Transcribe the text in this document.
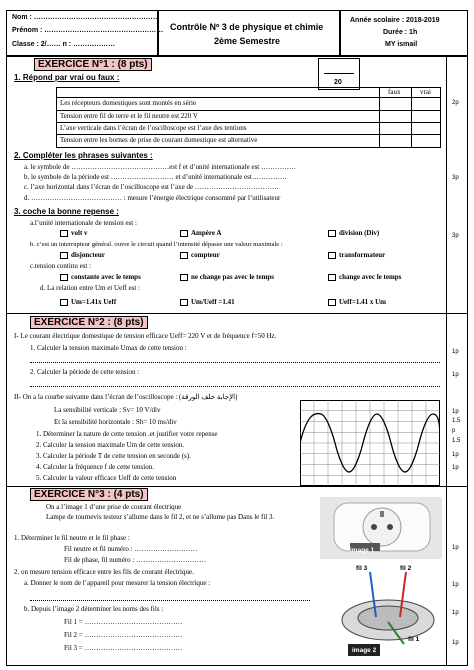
Nom : ………………………………………………
Prénom : ……………………………………………
Classe : 2/…… n : ………………
Contrôle Nº 3 de physique et chimie
2ème Semestre
Année scolaire : 2018-2019
Durée : 1h
MY ismail
20
EXERCICE N°1 : (8 pts)
1. Répond par vrai ou faux :
faux	vrai
Les récepteurs domestiques sont montés en série
Tension entre fil de terre et le fil neutre est 220 V
L’axe verticale dans l’écran de l’oscilloscope est l’axe des tentions
Tension entre les bornes de prise de courant domestique est alternative
2. Compléter les phrases suivantes :
a. le symbole de ……………………………………est f et d’unité internationale est ……………
b. le symbole de la période est ……………………… et d’unité internationale est……………
c. l’axe horizontal dans l’écran de l’oscilloscope est l’axe de ………………………………
d. ………………………………… : mesure l’énergie électrique consommé par l’utilisateur
3. coche la bonne repense :
a.l’unité internationale de tension est :
volt v	Ampère A	division (Div)
b. c’est un interrupteur général. ouvre le circuit quand l’intensité dépasse une valeur maximale :
disjoncteur	compteur	transformateur
c.tension continu est :
constante avec le temps	ne change pas avec le temps	change avec le temps
d. La relation entre Um et Ueff est :
Um=1.41x Ueff	Um/Ueff =1.41	Ueff=1.41 x Um
EXERCICE N°2 : (8 pts)
I- Le courant électrique domestique de tension efficace Ueff= 220 V et de fréquence f=50 Hz.
1. Calculer la tension maximale Umax de cette tension :
2. Calculer la période de cette tension :
II- On a la courbe suivante dans l’écran de l’oscilloscope : (الإجابة خلف الورقة)
La sensibilité verticale : Sv= 10 V/div
Et la sensibilité horizontale : Sh= 10 ms/div
1. Déterminer la nature de cette tension .et justifier votre repense
2. Calculer la tension maximale Um de cette tension.
3. Calculer la période T de cette tension en seconde (s).
4. Calculer la fréquence f de cette tension.
5. Calculer la valeur efficace Ueff de cette tension
EXERCICE N°3 : (4 pts)
On a l’image 1 d’une prise de courant électrique
Lampe de tournevis testeur s’allume dans le fil 2, et ne s’allume pas Dans le fil 3.
1. Déterminer le fil neutre et le fil phase :
Fil neutre et fil numéro : ………………………
Fil de phase, fil numéro : …………………………
2. on mesure tension efficace entre les fils de courant électrique.
a. Donner le nom de l’appareil pour mesurer la tension électrique :
b. Depuis l’image 2 déterminer les noms des fils :
Fil 1 = ……………………………………
Fil 2 = ……………………………………
Fil 3 = ……………………………………
image 1
fil 3	fil 2
fil 1
image 2
2p
3p
3p
1p
1p
1p
1.5
p
1.5
1p
1p
1p
1p
1p
1p
